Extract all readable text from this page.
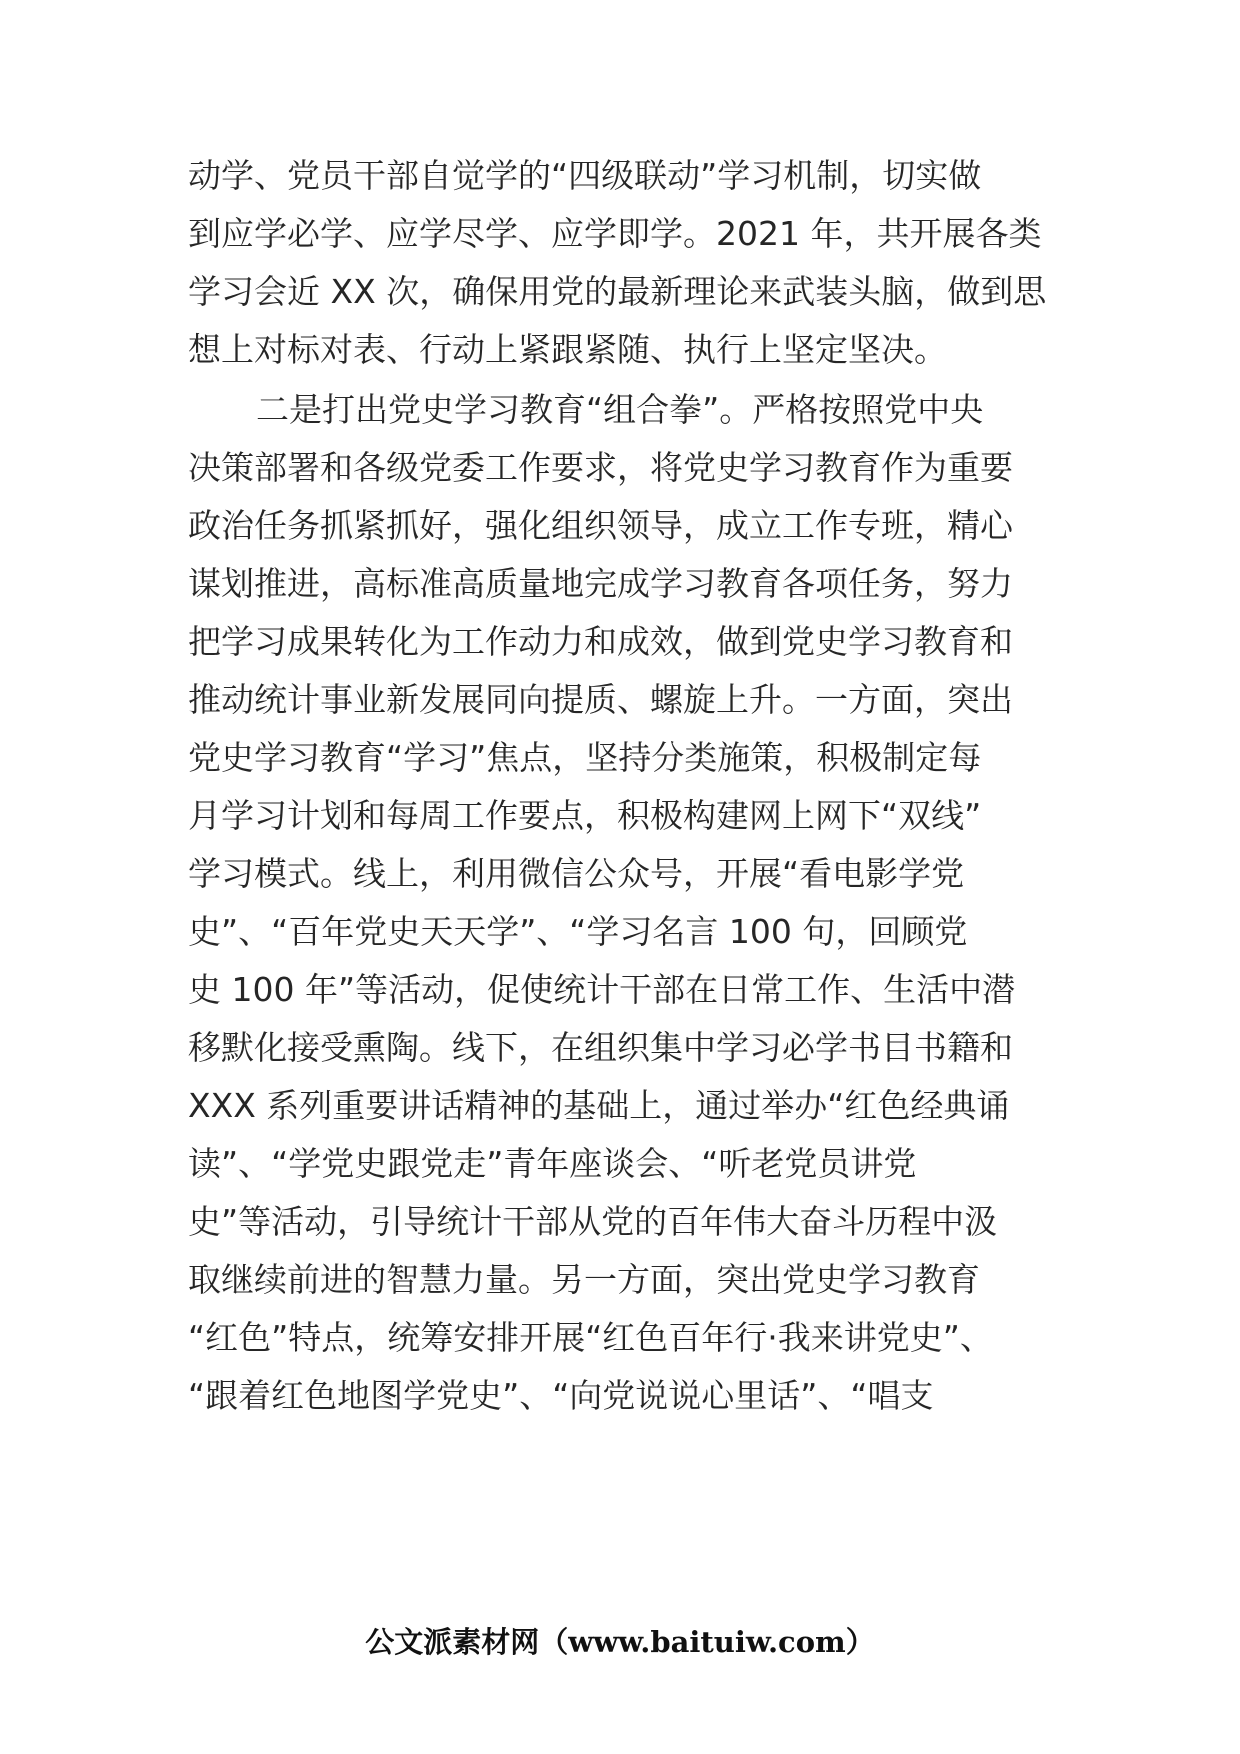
动学、党员干部自觉学的“四级联动”学习机制，切实做
到应学必学、应学尽学、应学即学。2021 年，共开展各类
学习会近 XX 次，确保用党的最新理论来武装头脑，做到思
想上对标对表、行动上紧跟紧随、执行上坚定坚决。
二是打出党史学习教育“组合拳”。严格按照党中央
决策部署和各级党委工作要求，将党史学习教育作为重要
政治任务抓紧抓好，强化组织领导，成立工作专班，精心
谋划推进，高标准高质量地完成学习教育各项任务，努力
把学习成果转化为工作动力和成效，做到党史学习教育和
推动统计事业新发展同向提质、螺旋上升。一方面，突出
党史学习教育“学习”焦点，坚持分类施策，积极制定每
月学习计划和每周工作要点，积极构建网上网下“双线”
学习模式。线上，利用微信公众号，开展“看电影学党
史”、“百年党史天天学”、“学习名言 100 句，回顾党
史 100 年”等活动，促使统计干部在日常工作、生活中潜
移默化接受熏陶。线下，在组织集中学习必学书目书籍和
XXX 系列重要讲话精神的基础上，通过举办“红色经典诵
读”、“学党史跟党走”青年座谈会、“听老党员讲党
史”等活动，引导统计干部从党的百年伟大奋斗历程中汲
取继续前进的智慧力量。另一方面，突出党史学习教育
“红色”特点，统筹安排开展“红色百年行·我来讲党史”、
“跟着红色地图学党史”、“向党说说心里话”、“唱支
公文派素材网（www.baituiw.com）
